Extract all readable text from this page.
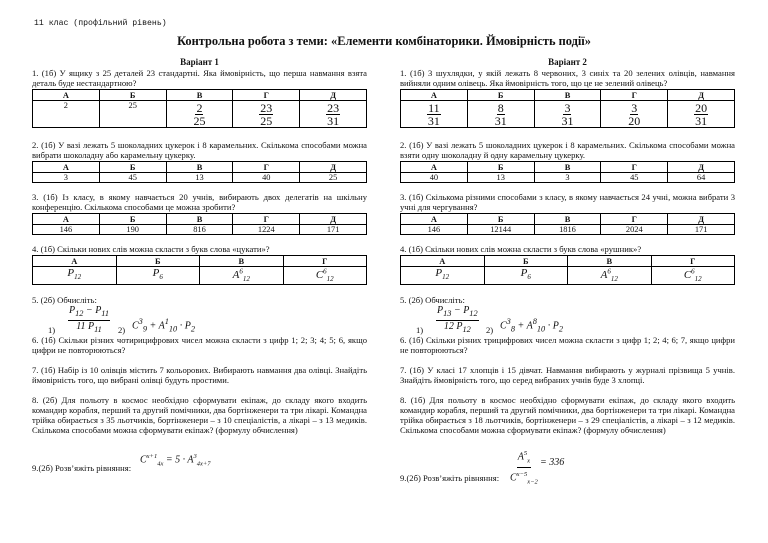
11 клас (профільний рівень)
Контрольна робота з теми: «Елементи комбінаторики. Ймовірність події»
Варіант 1
1. (1б) У ящику з 25 деталей 23 стандартні. Яка ймовірність, що перша навмання взята деталь буде нестандартною?
А	Б	В	Г	Д
2	25	$\frac{2}{25}$	$\frac{23}{25}$	$\frac{23}{31}$
2. (1б) У вазі лежать 5 шоколадних цукерок і 8 карамельних. Скількома способами можна вибрати шоколадну або карамельну цукерку.
А	Б	В	Г	Д
3	45	13	40	25
3. (1б) Із класу, в якому навчається 20 учнів, вибирають двох делегатів на шкільну конференцію. Скількома способами це можна зробити?
А	Б	В	Г	Д
146	190	816	1224	171
4. (1б) Скільки нових слів можна скласти з букв слова «цукати»?
А	Б	В	Г
$P_{12}$	$P_6$	$A^6_{12}$	$C^6_{12}$
5. (2б) Обчисліть:
1)
$P_{12} - P_{11}$
11 $P_{11}$ 2) $C^3_9 + A^1_{10} \cdot P_2$
6. (1б) Скільки різних чотирицифрових чисел можна скласти з цифр 1; 2; 3; 4; 5; 6, якщо цифри не повторюються?
7. (1б) Набір із 10 олівців містить 7 кольорових. Вибирають навмання два олівці. Знайдіть ймовірність того, що вибрані олівці будуть простими.
8. (2б) Для польоту в космос необхідно сформувати екіпаж, до складу якого входить командир корабля, перший та другий помічники, два бортінженери та три лікарі. Командна трійка обирається з 35 льотчиків, бортінженери – з 10 спеціалістів, а лікарі – з 13 медиків. Скількома способами можна сформувати екіпаж? (формулу обчислення)
9.(2б) Розв’яжіть рівняння:
$C^{x+1}_{4x} = 5 \cdot A^3_{4x+7}$
Варіант 2
1. (1б) 3 шухлядки, у якій лежать 8 червоних, 3 синіх та 20 зелених олівців, навмання вийняли одним олівець. Яка ймовірність того, що це не зелений олівець?
А	Б	В	Г	Д

$\frac{11}{31}$	$\frac{8}{31}$	$\frac{3}{31}$	$\frac{3}{20}$	$\frac{20}{31}$
2. (1б) У вазі лежать 5 шоколадних цукерок і 8 карамельних. Скількома способами можна взяти одну шоколадну й одну карамельну цукерку.
А	Б	В	Г	Д
40	13	3	45	64
3. (1б) Скількома різними способами з класу, в якому навчається 24 учні, можна вибрати 3 учні для чергування?
А	Б	В	Г	Д
146	12144	1816	2024	171
4. (1б) Скільки нових слів можна скласти з букв слова «рушник»?
А	Б	В	Г
$P_{12}$	$P_6$	$A^6_{12}$	$C^6_{12}$
5. (2б) Обчисліть:
1)
$P_{13} - P_{12}$
12 $P_{12}$ 2) $C^3_8 + A^8_{10} \cdot P_2$
6. (1б) Скільки різних трицифрових чисел можна скласти з цифр 1; 2; 4; 6; 7, якщо цифри не повторюються?
7. (1б) У класі 17 хлопців і 15 дівчат. Навмання вибирають у журналі прізвища 5 учнів. Знайдіть ймовірність того, що серед вибраних учнів буде 3 хлопці.
8. (1б) Для польоту в космос необхідно сформувати екіпаж, до складу якого входить командир корабля, перший та другий помічники, два бортінженери та три лікарі. Командна трійка обирається з 18 льотчиків, бортінженери – з 29 спеціалістів, а лікарі – з 12 медиків. Скількома способами можна сформувати екіпаж? (формулу обчислення)
9.(2б) Розв’яжіть рівняння:
$A^5_x$
$C^{x-5}_{x-2}$
= 336
